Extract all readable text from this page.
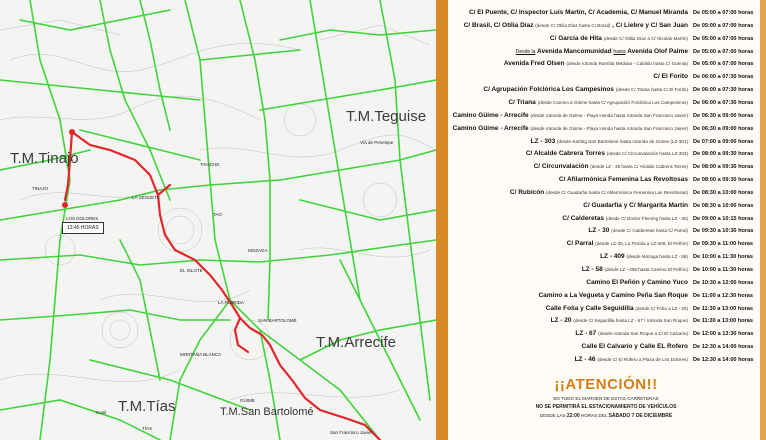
T.M.Tinajo
T.M.Teguise
T.M.Arrecife
T.M.Tías	T.M.San Bartolomé
TINAJO
LA VEGUETA
TAO
MOZAGA
TAHICHE
SAN BARTOLOMÉ
GÜIME
TÍAS
MONTAÑA BLANCA
LA FLORIDA
Conil
San Francisco Javier
EL ISLOTE
LOS DOLORES
Vía de Penelope
13:45 HORAS
C/ El Puente, C/ Inspector Luis Martín, C/ Academia, C/ Manuel Miranda De 05:00 a 07:00 horas
C/ Brasil, C/ Otilia Díaz (desde C/ Otilia Díaz hasta C/ Brasil) , C/ Liebre y C/ San Juan De 05:00 a 07:00 horas
C/ García de Hita (desde C/ Otilia Díaz a C/ Nicolás Martín) De 05:00 a 07:00 horas
Desde la Avenida Mancomunidad hasta Avenida Olof Palme De 05:00 a 07:00 horas
Avenida Fred Olsen (desde rotonda Rambla Medular - Cabildo hasta C/ Guenia) De 05:00 a 07:00 horas
C/ El Forito De 06:00 a 07:30 horas
C/ Agrupación Folclórica Los Campesinos (desde C/ Triana hasta C/ El Forito) De 06:00 a 07:30 horas
C/ Triana (desde Camino a Güime hasta C/ Agrupación Folclórica Los Campesinos) De 06:00 a 07:30 horas
Camino Güime - Arrecife (desde rotonda de Güime - Playa Honda hasta rotonda San Francisco Javier) De 06:30 a 09:00 horas
Camino Güime - Arrecife (desde rotonda de Güime - Playa Honda hasta rotonda San Francisco Javier) De 06:30 a 09:00 horas
LZ - 303 (desde Karting San Bartolomé hasta rotonda de Güime (LZ-301) De 07:00 a 09:00 horas
C/ Alcalde Cabrera Torres (desde C/ Circunvalación hasta LZ-303) De 08:00 a 09:30 horas
C/ Circunvalación (desde LZ - 35 hasta C/ Alcalde Cabrera Torres) De 08:00 a 09:30 horas
C/ Afilarmónica Femenina Las Revoltosas De 08:00 a 09:30 horas
C/ Rubicón (desde C/ Guadarfia hasta C/ Afilarmónica Femenina Las Revoltosas) De 08:30 a 10:00 horas
C/ Guadarfía y C/ Margarita Martín De 08:30 a 10:00 horas
C/ Calderetas (desde C/ Doctor Fleming hasta LZ - 30) De 09:00 a 10:15 horas
LZ - 30 (desde C/ Calderetas hasta C/ Parral) De 09:30 a 10:30 horas
C/ Parral (desde LZ-30, La Florida a LZ-408, El Peñón) De 09:30 a 11:00 horas
LZ - 409 (desde Mozaga hasta LZ - 58) De 10:00 a 11:30 horas
LZ - 58 (desde LZ - 409 hasta Camino El Peñón) De 10:00 a 11:30 horas
Camino El Peñón y Camino Yuco De 10:30 a 12:00 horas
Camino a La Vegueta y Camino Peña San Roque De 11:00 a 12:30 horas
Calle Folía y Calle Seguidilla (desde C/ Folía a LZ - 20) De 11:30 a 13:00 horas
LZ - 20 (desde C/ Seguidilla hasta LZ - 67 / rotonda San Roque) De 11:30 a 13:00 horas
LZ - 67 (desde rotonda San Roque a C/ El Calvario) De 12:00 a 13:30 horas
Calle El Calvario y Calle EL Rofero De 12:30 a 14:00 horas
LZ - 46 (desde C/ El Rofero a Plaza de Los Dolores) De 12:30 a 14:00 horas
¡¡ATENCIÓN!!
EN TODO EL MARGEN DE ESTAS CARRETERAS
NO SE PERMITIRÁ EL ESTACIONAMIENTO DE VEHÍCULOS
DESDE LAS 22:00 HORAS DEL SÁBADO 7 DE DICIEMBRE
